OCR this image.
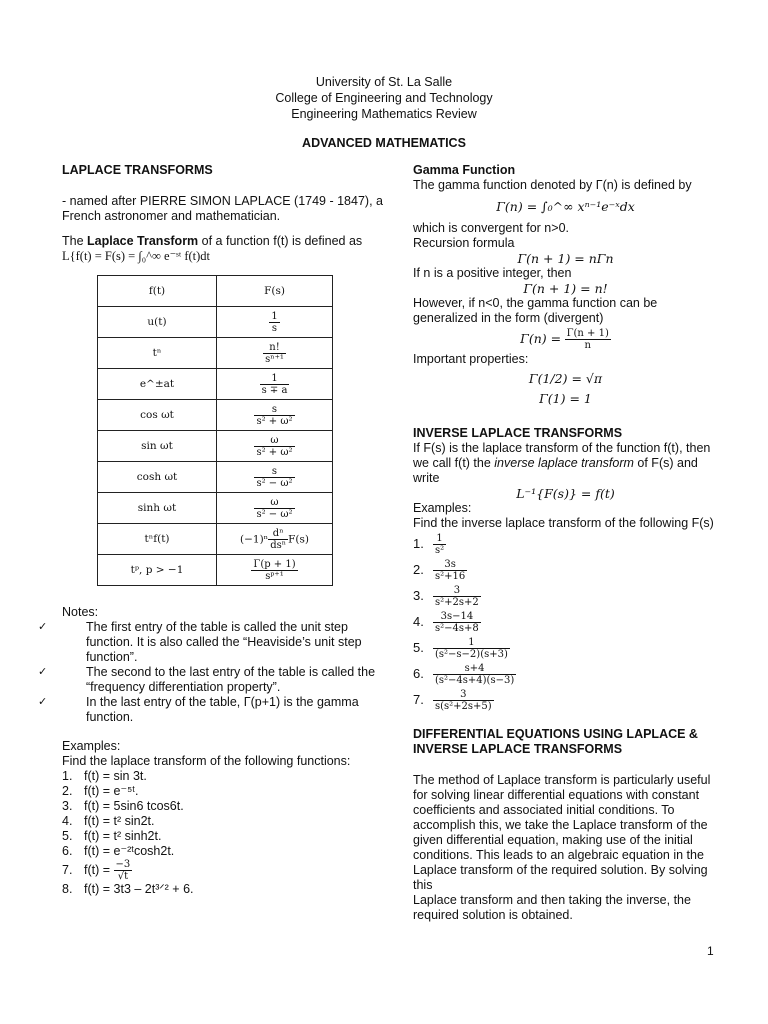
University of St. La Salle
College of Engineering and Technology
Engineering Mathematics Review
ADVANCED MATHEMATICS

LAPLACE TRANSFORMS

- named after PIERRE SIMON LAPLACE (1749 - 1847), a French astronomer and mathematician.

The Laplace Transform of a function f(t) is defined as

L{f(t) = F(s) = ∫₀^∞ e⁻ˢᵗ f(t)dt

f(t)	F(s)
u(t)	$\frac{1}{s}$

tⁿ	$\frac{n!}{\text{sⁿ⁺¹}}$

e^±at	$\frac{1}{s \mp a}$

cos ωt	$\frac{s}{\text{s² + ω²}}$

sin ωt	$\frac{\omega}{\text{s² + ω²}}$

cosh ωt	$\frac{s}{\text{s² − ω²}}$

sinh ωt	$\frac{\omega}{\text{s² − ω²}}$

tⁿf(t)	$(-1)^n \frac{\text{dⁿ}}{\text{dsⁿ}} F(s)$
tᵖ, p > −1	$\frac{\Gamma(p + 1)}{\text{sᵖ⁺¹}}$

Notes:

✓	The first entry of the table is called the unit step function. It is also called the “Heaviside’s unit step function”.
✓	The second to the last entry of the table is called the “frequency differentiation property”.
✓	In the last entry of the table, Γ(p+1) is the gamma function.

Examples:

Find the laplace transform of the following functions:

1. f(t) = sin 3t.
2. f(t) = e⁻⁵ᵗ.
3. f(t) = 5sin6 tcos6t.
4. f(t) = t² sin2t.
5. f(t) = t² sinh2t.
6. f(t) = e⁻²ᵗcosh2t.
7. $f(t) = \frac{-3}{√t}$
8. f(t) = 3t3 – 2t³ᐟ² + 6.

Gamma Function

The gamma function denoted by Γ(n) is defined by

Γ(n) = ∫₀^∞ xⁿ⁻¹e⁻ˣdx

which is convergent for n>0.

Recursion formula

Γ(n + 1) = nΓn

If n is a positive integer, then

Γ(n + 1) = n!

However, if n<0, the gamma function can be generalized in the form (divergent)

$\Gamma(n) = \frac{\Gamma(n + 1)}{n}$

Important properties:

Γ(1/2) = √π

Γ(1) = 1

INVERSE LAPLACE TRANSFORMS

If F(s) is the laplace transform of the function f(t), then we call f(t) the inverse laplace transform of F(s) and write

L⁻¹{F(s)} = f(t)

Examples:

Find the inverse laplace transform of the following F(s)

1. $\frac{1}{\text{s²}}$
2. $\frac{3s}{\text{s²+16}}$
3. $\frac{3}{\text{s²+2s+2}}$
4. $\frac{3s-14}{\text{s²−4s+8}}$
5. $\frac{1}{\text{(s²−s−2)(s+3)}}$
6. $\frac{s+4}{\text{(s²−4s+4)(s−3)}}$
7. $\frac{3}{\text{s(s²+2s+5)}}$

DIFFERENTIAL EQUATIONS USING LAPLACE & INVERSE LAPLACE TRANSFORMS

The method of Laplace transform is particularly useful for solving linear differential equations with constant coefficients and associated initial conditions. To accomplish this, we take the Laplace transform of the given differential equation, making use of the initial conditions. This leads to an algebraic equation in the Laplace transform of the required solution. By solving this

Laplace transform and then taking the inverse, the required solution is obtained.

1
